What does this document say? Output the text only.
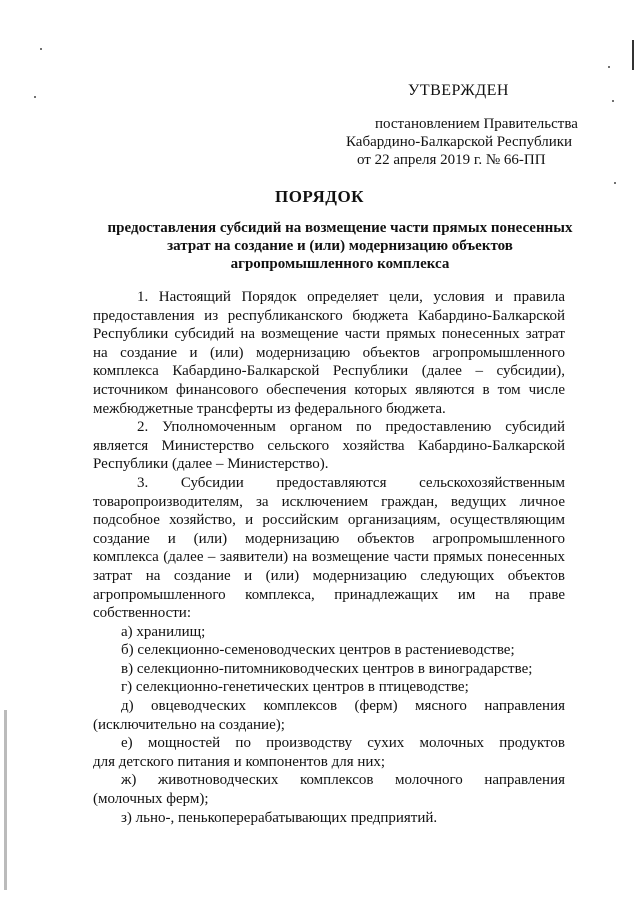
УТВЕРЖДЕН
постановлением Правительства
Кабардино-Балкарской Республики
от 22 апреля 2019 г. № 66-ПП
ПОРЯДОК
предоставления субсидий на возмещение части прямых понесенных
затрат на создание и (или) модернизацию объектов
агропромышленного комплекса
1. Настоящий Порядок определяет цели, условия и правила
предоставления из республиканского бюджета Кабардино-Балкарской
Республики субсидий на возмещение части прямых понесенных затрат
на создание и (или) модернизацию объектов агропромышленного
комплекса Кабардино-Балкарской Республики (далее – субсидии),
источником финансового обеспечения которых являются в том числе
межбюджетные трансферты из федерального бюджета.
2. Уполномоченным органом по предоставлению субсидий
является Министерство сельского хозяйства Кабардино-Балкарской
Республики (далее – Министерство).
3. Субсидии предоставляются сельскохозяйственным
товаропроизводителям, за исключением граждан, ведущих личное
подсобное хозяйство, и российским организациям, осуществляющим
создание и (или) модернизацию объектов агропромышленного
комплекса (далее – заявители) на возмещение части прямых понесенных
затрат на создание и (или) модернизацию следующих объектов
агропромышленного комплекса, принадлежащих им на праве
собственности:
а) хранилищ;
б) селекционно-семеноводческих центров в растениеводстве;
в) селекционно-питомниководческих центров в виноградарстве;
г) селекционно-генетических центров в птицеводстве;
д) овцеводческих комплексов (ферм) мясного направления
(исключительно на создание);
е) мощностей по производству сухих молочных продуктов
для детского питания и компонентов для них;
ж) животноводческих комплексов молочного направления
(молочных ферм);
з) льно-, пенькоперерабатывающих предприятий.
